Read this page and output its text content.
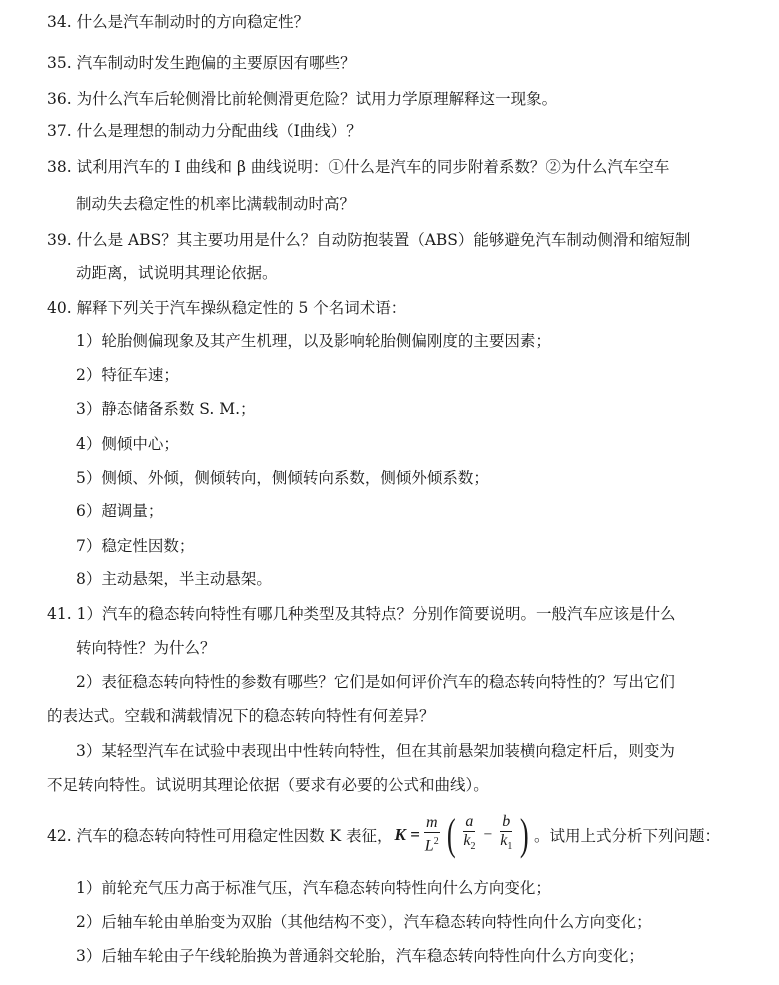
34. 什么是汽车制动时的方向稳定性？
35. 汽车制动时发生跑偏的主要原因有哪些？
36. 为什么汽车后轮侧滑比前轮侧滑更危险？试用力学原理解释这一现象。
37. 什么是理想的制动力分配曲线（I曲线）？
38. 试利用汽车的 I 曲线和 β 曲线说明：①什么是汽车的同步附着系数？②为什么汽车空车
制动失去稳定性的机率比满载制动时高？
39. 什么是 ABS？其主要功用是什么？自动防抱装置（ABS）能够避免汽车制动侧滑和缩短制
动距离，试说明其理论依据。
40. 解释下列关于汽车操纵稳定性的 5 个名词术语：
1）轮胎侧偏现象及其产生机理，以及影响轮胎侧偏刚度的主要因素；
2）特征车速；
3）静态储备系数 S. M.；
4）侧倾中心；
5）侧倾、外倾，侧倾转向，侧倾转向系数，侧倾外倾系数；
6）超调量；
7）稳定性因数；
8）主动悬架，半主动悬架。
41. 1）汽车的稳态转向特性有哪几种类型及其特点？分别作简要说明。一般汽车应该是什么
转向特性？为什么？
2）表征稳态转向特性的参数有哪些？它们是如何评价汽车的稳态转向特性的？写出它们
的表达式。空载和满载情况下的稳态转向特性有何差异？
3）某轻型汽车在试验中表现出中性转向特性，但在其前悬架加装横向稳定杆后，则变为
不足转向特性。试说明其理论依据（要求有必要的公式和曲线）。
42. 汽车的稳态转向特性可用稳定性因数 K 表征， $K = \frac{m}{L^2}$ ( $\frac{a}{k_2} - \frac{b}{k_1}$ ) 。试用上式分析下列问题：
1）前轮充气压力高于标准气压，汽车稳态转向特性向什么方向变化；
2）后轴车轮由单胎变为双胎（其他结构不变），汽车稳态转向特性向什么方向变化；
3）后轴车轮由子午线轮胎换为普通斜交轮胎，汽车稳态转向特性向什么方向变化；
